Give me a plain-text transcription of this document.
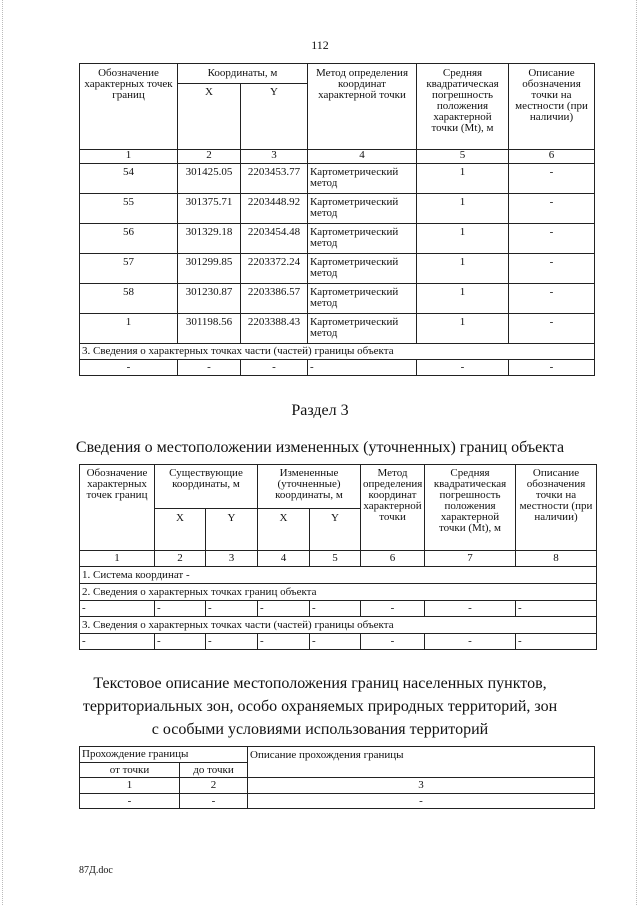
112
Обозначение характерных точек границ	Координаты, м		Метод определения координат характерной точки	Средняя квадратическая погрешность положения характерной точки (Mt), м	Описание обозначения точки на местности (при наличии)
	X	Y			
1	2	3	4	5	6
54	301425.05	2203453.77	Картометрический метод	1	-
55	301375.71	2203448.92	Картометрический метод	1	-
56	301329.18	2203454.48	Картометрический метод	1	-
57	301299.85	2203372.24	Картометрический метод	1	-
58	301230.87	2203386.57	Картометрический метод	1	-
1	301198.56	2203388.43	Картометрический метод	1	-
3. Сведения о характерных точках части (частей) границы объекта					
-	-	-	-	-	-
Раздел 3
Сведения о местоположении измененных (уточненных) границ объекта
Обозначение характерных точек границ	Существующие координаты, м		Измененные (уточненные) координаты, м		Метод определения координат характерной точки	Средняя квадратическая погрешность положения характерной точки (Mt), м	Описание обозначения точки на местности (при наличии)
	X	Y	X	Y			
1	2	3	4	5	6	7	8
1. Система координат -							
2. Сведения о характерных точках границ объекта							
-	-	-	-	-	-	-	-
3. Сведения о характерных точках части (частей) границы объекта							
-	-	-	-	-	-	-	-
Текстовое описание местоположения границ населенных пунктов,
территориальных зон, особо охраняемых природных территорий, зон
с особыми условиями использования территорий
Прохождение границы		Описание прохождения границы
от точки	до точки	
1	2	3
-	-	-
87Д.doc
